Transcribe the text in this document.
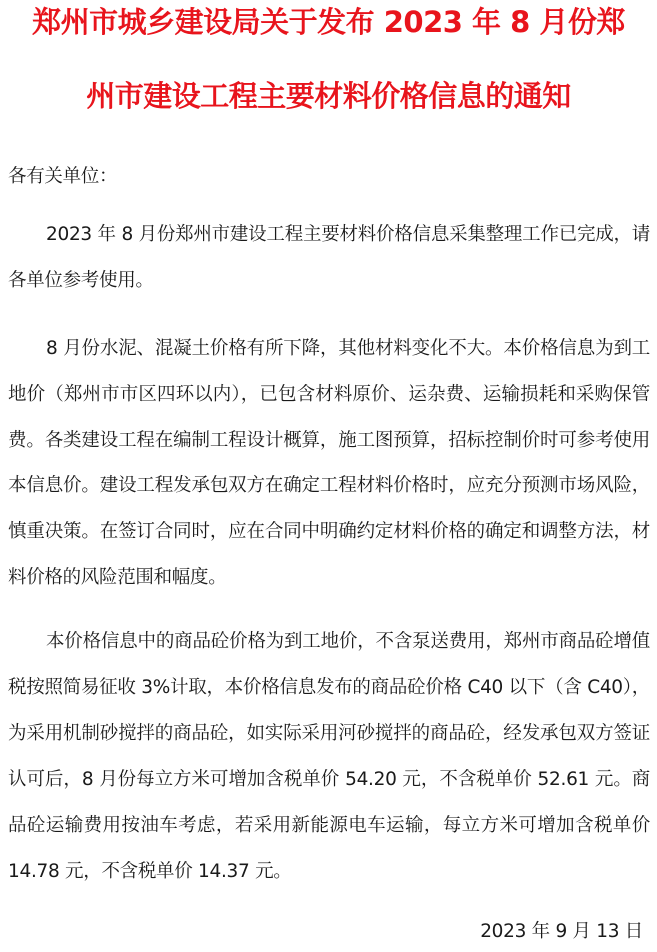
郑州市城乡建设局关于发布 2023 年 8 月份郑
州市建设工程主要材料价格信息的通知
各有关单位：

2023 年 8 月份郑州市建设工程主要材料价格信息采集整理工作已完成，请各单位参考使用。

8 月份水泥、混凝土价格有所下降，其他材料变化不大。本价格信息为到工地价（郑州市市区四环以内），已包含材料原价、运杂费、运输损耗和采购保管费。各类建设工程在编制工程设计概算，施工图预算，招标控制价时可参考使用本信息价。建设工程发承包双方在确定工程材料价格时，应充分预测市场风险，慎重决策。在签订合同时，应在合同中明确约定材料价格的确定和调整方法，材料价格的风险范围和幅度。

本价格信息中的商品砼价格为到工地价，不含泵送费用，郑州市商品砼增值税按照简易征收 3%计取，本价格信息发布的商品砼价格 C40 以下（含 C40），为采用机制砂搅拌的商品砼，如实际采用河砂搅拌的商品砼，经发承包双方签证认可后，8 月份每立方米可增加含税单价 54.20 元，不含税单价 52.61 元。商品砼运输费用按油车考虑，若采用新能源电车运输，每立方米可增加含税单价 14.78 元，不含税单价 14.37 元。

2023 年 9 月 13 日
